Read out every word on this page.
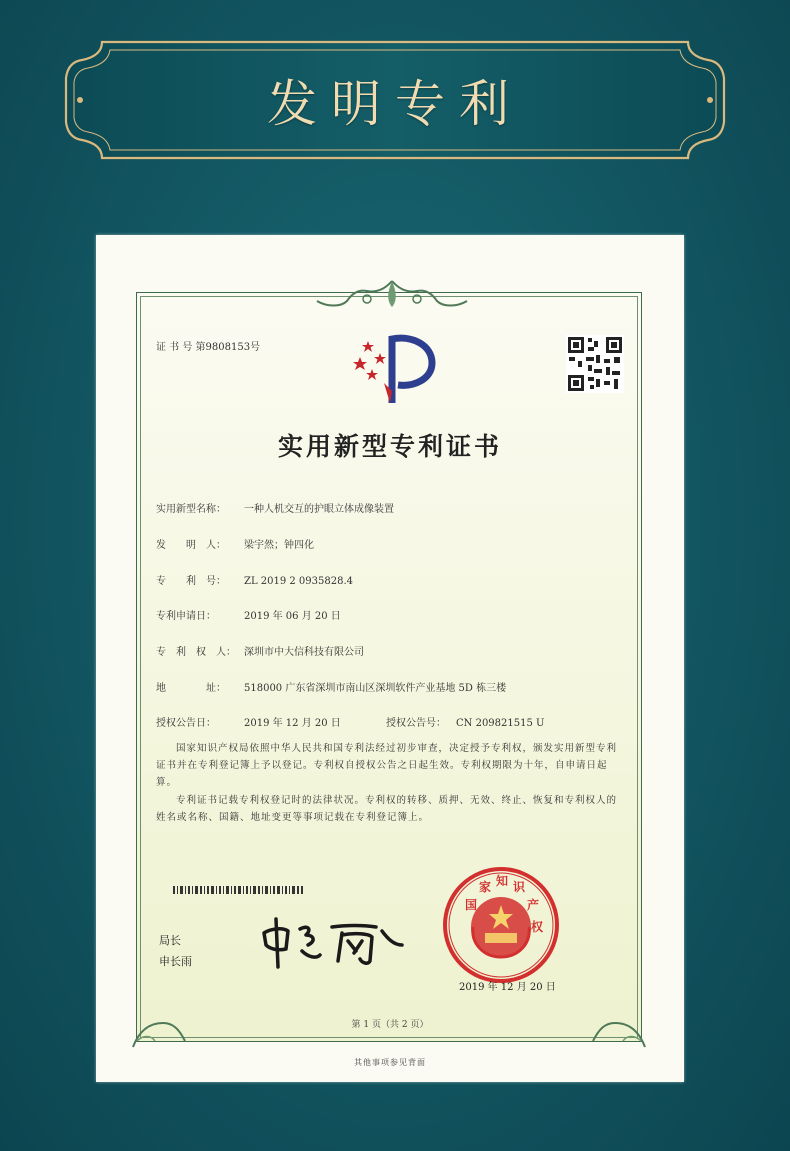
发明专利
证 书 号 第9808153号
实用新型专利证书
实用新型名称： 一种人机交互的护眼立体成像装置
发　　明　人： 梁宇然；钟四化
专　　利　号： ZL 2019 2 0935828.4
专利申请日：	2019 年 06 月 20 日
专　利　权　人： 深圳市中大信科技有限公司
地　　　　址： 518000 广东省深圳市南山区深圳软件产业基地 5D 栋三楼
授权公告日：	2019 年 12 月 20 日	授权公告号： CN 209821515 U
国家知识产权局依照中华人民共和国专利法经过初步审查，决定授予专利权，颁发实用新型专利证书并在专利登记簿上予以登记。专利权自授权公告之日起生效。专利权期限为十年，自申请日起算。
专利证书记载专利权登记时的法律状况。专利权的转移、质押、无效、终止、恢复和专利权人的姓名或名称、国籍、地址变更等事项记载在专利登记簿上。
局长
申长雨
国
家 知 识
产
权
2019 年 12 月 20 日
第 1 页（共 2 页）
其他事项参见背面
